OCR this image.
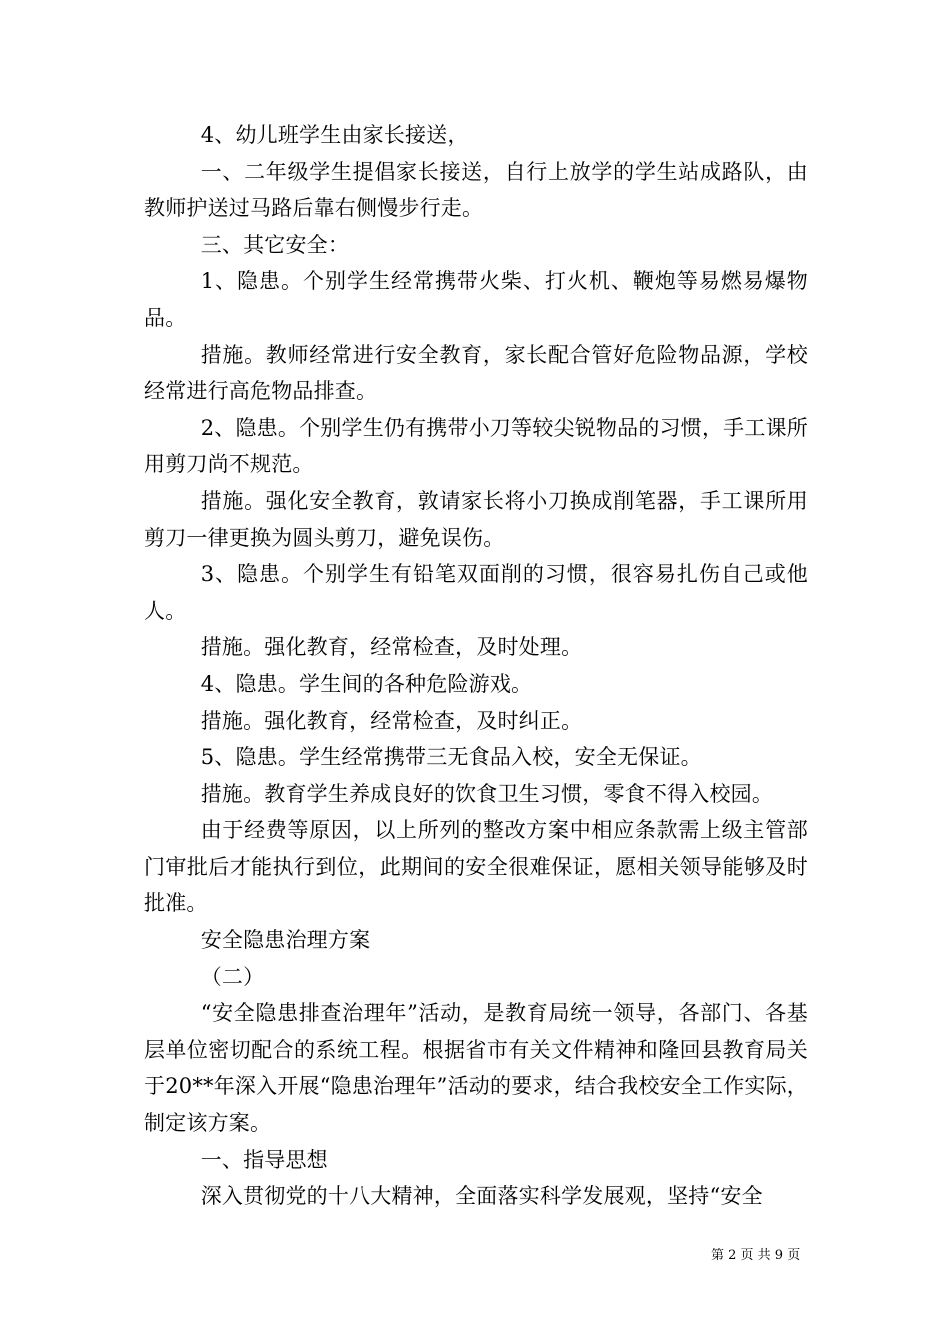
4、幼儿班学生由家长接送，

一、二年级学生提倡家长接送，自行上放学的学生站成路队，由教师护送过马路后靠右侧慢步行走。

三、其它安全：

1、隐患。个别学生经常携带火柴、打火机、鞭炮等易燃易爆物品。

措施。教师经常进行安全教育，家长配合管好危险物品源，学校经常进行高危物品排查。

2、隐患。个别学生仍有携带小刀等较尖锐物品的习惯，手工课所用剪刀尚不规范。

措施。强化安全教育，敦请家长将小刀换成削笔器，手工课所用剪刀一律更换为圆头剪刀，避免误伤。

3、隐患。个别学生有铅笔双面削的习惯，很容易扎伤自己或他人。

措施。强化教育，经常检查，及时处理。

4、隐患。学生间的各种危险游戏。

措施。强化教育，经常检查，及时纠正。

5、隐患。学生经常携带三无食品入校，安全无保证。

措施。教育学生养成良好的饮食卫生习惯，零食不得入校园。

由于经费等原因，以上所列的整改方案中相应条款需上级主管部门审批后才能执行到位，此期间的安全很难保证，愿相关领导能够及时批准。

安全隐患治理方案

（二）

“安全隐患排查治理年”活动，是教育局统一领导，各部门、各基层单位密切配合的系统工程。根据省市有关文件精神和隆回县教育局关于20**年深入开展“隐患治理年”活动的要求，结合我校安全工作实际，制定该方案。

一、指导思想

深入贯彻党的十八大精神，全面落实科学发展观，坚持“安全

第 2 页 共 9 页
